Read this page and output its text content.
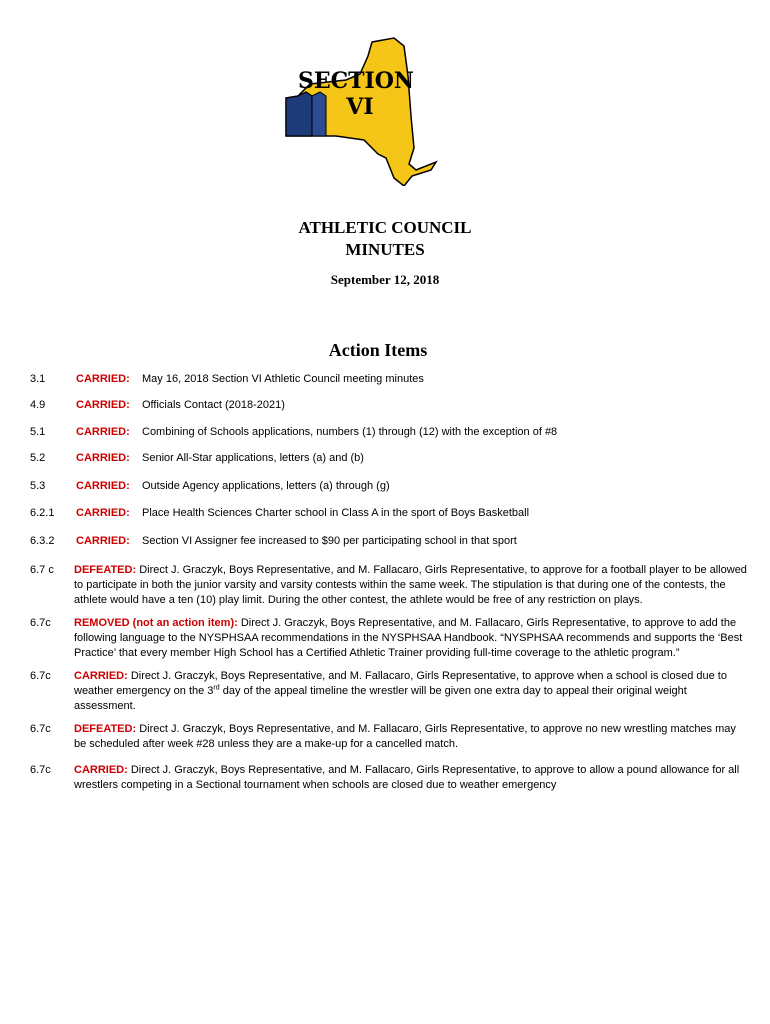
SECTION
VI
ATHLETIC COUNCIL
MINUTES
September 12, 2018
Action Items
3.1	CARRIED: May 16, 2018 Section VI Athletic Council meeting minutes
4.9	CARRIED: Officials Contact (2018-2021)
5.1	CARRIED: Combining of Schools applications, numbers (1) through (12) with the exception of #8
5.2	CARRIED: Senior All-Star applications, letters (a) and (b)
5.3	CARRIED: Outside Agency applications, letters (a) through (g)
6.2.1 CARRIED: Place Health Sciences Charter school in Class A in the sport of Boys Basketball
6.3.2 CARRIED: Section VI Assigner fee increased to $90 per participating school in that sport
6.7 c DEFEATED: Direct J. Graczyk, Boys Representative, and M. Fallacaro, Girls Representative, to approve for a football player to be allowed to participate in both the junior varsity and varsity contests within the same week. The stipulation is that during one of the contests, the athlete would have a ten (10) play limit. During the other contest, the athlete would be free of any restriction on plays.
6.7c REMOVED (not an action item): Direct J. Graczyk, Boys Representative, and M. Fallacaro, Girls Representative, to approve to add the following language to the NYSPHSAA recommendations in the NYSPHSAA Handbook. “NYSPHSAA recommends and supports the ‘Best Practice’ that every member High School has a Certified Athletic Trainer providing full-time coverage to the athletic program.”
6.7c CARRIED: Direct J. Graczyk, Boys Representative, and M. Fallacaro, Girls Representative, to approve when a school is closed due to weather emergency on the 3rd day of the appeal timeline the wrestler will be given one extra day to appeal their original weight assessment.
6.7c DEFEATED: Direct J. Graczyk, Boys Representative, and M. Fallacaro, Girls Representative, to approve no new wrestling matches may be scheduled after week #28 unless they are a make-up for a cancelled match.
6.7c CARRIED: Direct J. Graczyk, Boys Representative, and M. Fallacaro, Girls Representative, to approve to allow a pound allowance for all wrestlers competing in a Sectional tournament when schools are closed due to weather emergency
